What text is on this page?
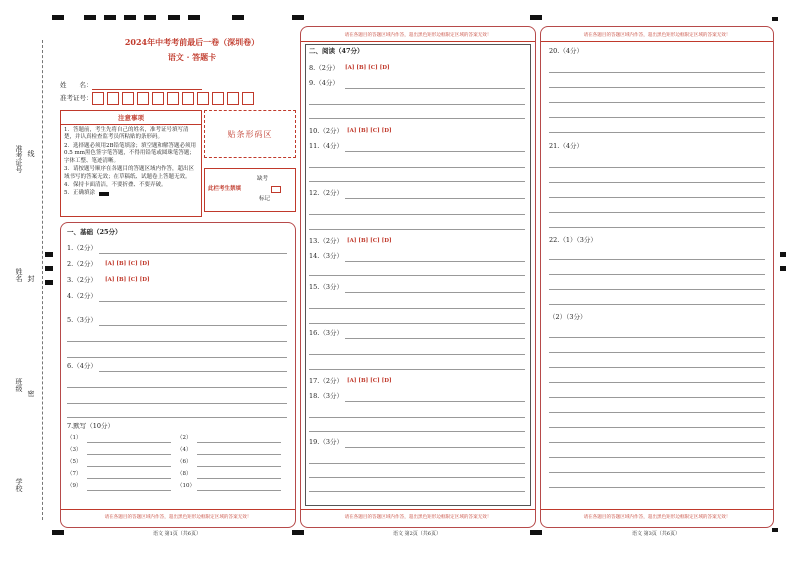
准考证号 线
姓名 封
班级
密
学校
2024年中考考前最后一卷（深圳卷）
语文 · 答题卡
姓　　名：
准考证号：
注意事项
1．答题前，考生先将自己的姓名，准考证号填写清楚，并认真检查监考员所粘贴的条形码。
2．选择题必须用2B铅笔填涂；填空题和解答题必须用0.5 mm黑色签字笔答题，不得用铅笔或圆珠笔答题；字体工整、笔迹清晰。
3．请按题号顺序在各题目的答题区域内作答，超出区域书写的答案无效；在草稿纸、试题卷上答题无效。
4．保持卡面清洁，不要折叠、不要弄破。
5．正确填涂
贴条形码区
此栏考生禁填
缺考
标记
一、基础（25分）
1.（2分）
2.（2分） [A] [B] [C] [D]
3.（2分） [A] [B] [C] [D]
4.（2分）
5.（3分）
6.（4分）
7.默写（10分）
（1）	（2）
（3）	（4）
（5）	（6）
（7）	（8）
（9）	（10）
请在各题目的答题区域内作答，超出黑色矩形边框限定区域的答案无效！
语文 第1页（共6页）
请在各题目的答题区域内作答，超出黑色矩形边框限定区域的答案无效！
二、阅读（47分）
8.（2分） [A] [B] [C] [D]
9.（4分）
10.（2分） [A] [B] [C] [D]
11.（4分）
12.（2分）
13.（2分） [A] [B] [C] [D]
14.（3分）
15.（3分）
16.（3分）
17.（2分） [A] [B] [C] [D]
18.（3分）
19.（3分）
请在各题目的答题区域内作答，超出黑色矩形边框限定区域的答案无效！
语文 第2页（共6页）
请在各题目的答题区域内作答，超出黑色矩形边框限定区域的答案无效！
20.（4分）
21.（4分）
22.（1）（3分）
（2）（3分）
请在各题目的答题区域内作答，超出黑色矩形边框限定区域的答案无效！
语文 第3页（共6页）
